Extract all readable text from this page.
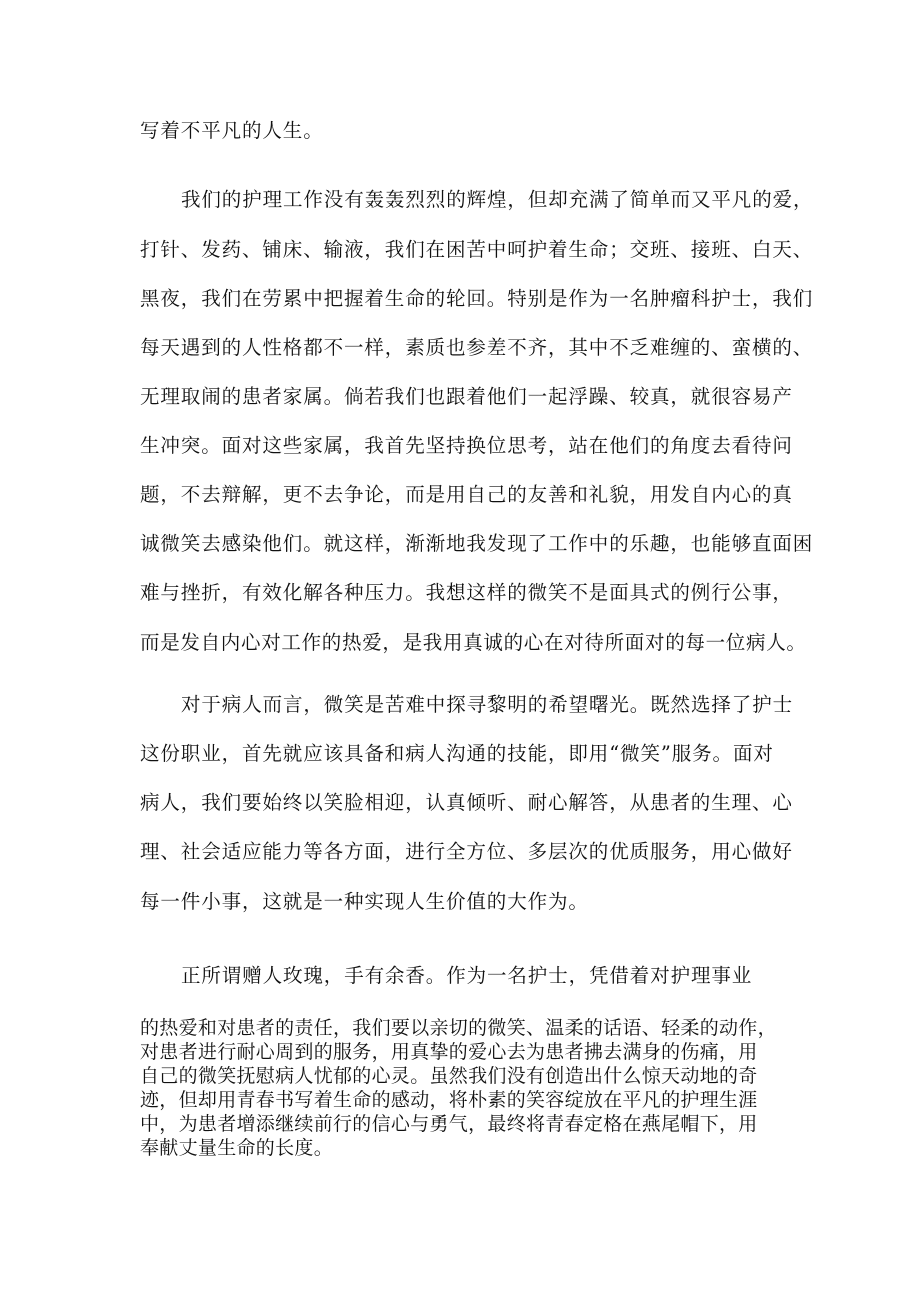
写着不平凡的人生。
我们的护理工作没有轰轰烈烈的辉煌，但却充满了简单而又平凡的爱，
打针、发药、铺床、输液，我们在困苦中呵护着生命；交班、接班、白天、
黑夜，我们在劳累中把握着生命的轮回。特别是作为一名肿瘤科护士，我们
每天遇到的人性格都不一样，素质也参差不齐，其中不乏难缠的、蛮横的、
无理取闹的患者家属。倘若我们也跟着他们一起浮躁、较真，就很容易产
生冲突。面对这些家属，我首先坚持换位思考，站在他们的角度去看待问
题，不去辩解，更不去争论，而是用自己的友善和礼貌，用发自内心的真
诚微笑去感染他们。就这样，渐渐地我发现了工作中的乐趣，也能够直面困
难与挫折，有效化解各种压力。我想这样的微笑不是面具式的例行公事，
而是发自内心对工作的热爱，是我用真诚的心在对待所面对的每一位病人。
对于病人而言，微笑是苦难中探寻黎明的希望曙光。既然选择了护士
这份职业，首先就应该具备和病人沟通的技能，即用“微笑”服务。面对
病人，我们要始终以笑脸相迎，认真倾听、耐心解答，从患者的生理、心
理、社会适应能力等各方面，进行全方位、多层次的优质服务，用心做好
每一件小事，这就是一种实现人生价值的大作为。
正所谓赠人玫瑰，手有余香。作为一名护士，凭借着对护理事业
的热爱和对患者的责任，我们要以亲切的微笑、温柔的话语、轻柔的动作，
对患者进行耐心周到的服务，用真挚的爱心去为患者拂去满身的伤痛，用
自己的微笑抚慰病人忧郁的心灵。虽然我们没有创造出什么惊天动地的奇
迹，但却用青春书写着生命的感动，将朴素的笑容绽放在平凡的护理生涯
中，为患者增添继续前行的信心与勇气，最终将青春定格在燕尾帽下，用
奉献丈量生命的长度。
